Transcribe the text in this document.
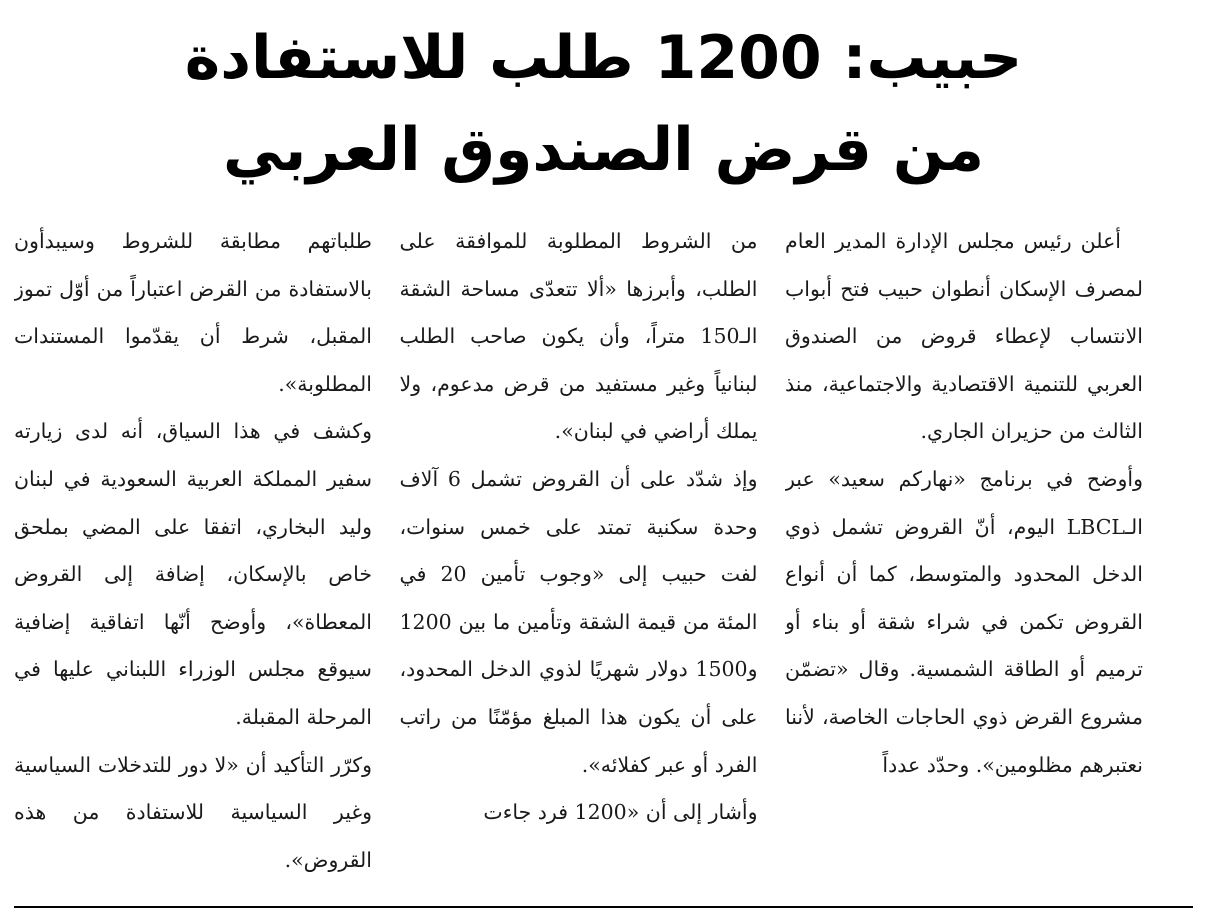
حبيب: 1200 طلب للاستفادة
من قرض الصندوق العربي

أعلن رئيس مجلس الإدارة المدير العام لمصرف الإسكان أنطوان حبيب فتح أبواب الانتساب لإعطاء قروض من الصندوق العربي للتنمية الاقتصادية والاجتماعية، منذ الثالث من حزيران الجاري.

وأوضح في برنامج «نهاركم سعيد» عبر الـLBCL اليوم، أنّ القروض تشمل ذوي الدخل المحدود والمتوسط، كما أن أنواع القروض تكمن في شراء شقة أو بناء أو ترميم أو الطاقة الشمسية. وقال «تضمّن مشروع القرض ذوي الحاجات الخاصة، لأننا نعتبرهم مظلومين». وحدّد عدداً

من الشروط المطلوبة للموافقة على الطلب، وأبرزها «ألا تتعدّى مساحة الشقة الـ150 متراً، وأن يكون صاحب الطلب لبنانياً وغير مستفيد من قرض مدعوم، ولا يملك أراضي في لبنان».

وإذ شدّد على أن القروض تشمل 6 آلاف وحدة سكنية تمتد على خمس سنوات، لفت حبيب إلى «وجوب تأمين 20 في المئة من قيمة الشقة وتأمين ما بين 1200 و1500 دولار شهريًا لذوي الدخل المحدود، على أن يكون هذا المبلغ مؤمّنًا من راتب الفرد أو عبر كفلائه».

وأشار إلى أن «1200 فرد جاءت

طلباتهم مطابقة للشروط وسيبدأون بالاستفادة من القرض اعتباراً من أوّل تموز المقبل، شرط أن يقدّموا المستندات المطلوبة».

وكشف في هذا السياق، أنه لدى زيارته سفير المملكة العربية السعودية في لبنان وليد البخاري، اتفقا على المضي بملحق خاص بالإسكان، إضافة إلى القروض المعطاة»، وأوضح أنّها اتفاقية إضافية سيوقع مجلس الوزراء اللبناني عليها في المرحلة المقبلة.

وكرّر التأكيد أن «لا دور للتدخلات السياسية وغير السياسية للاستفادة من هذه القروض».
